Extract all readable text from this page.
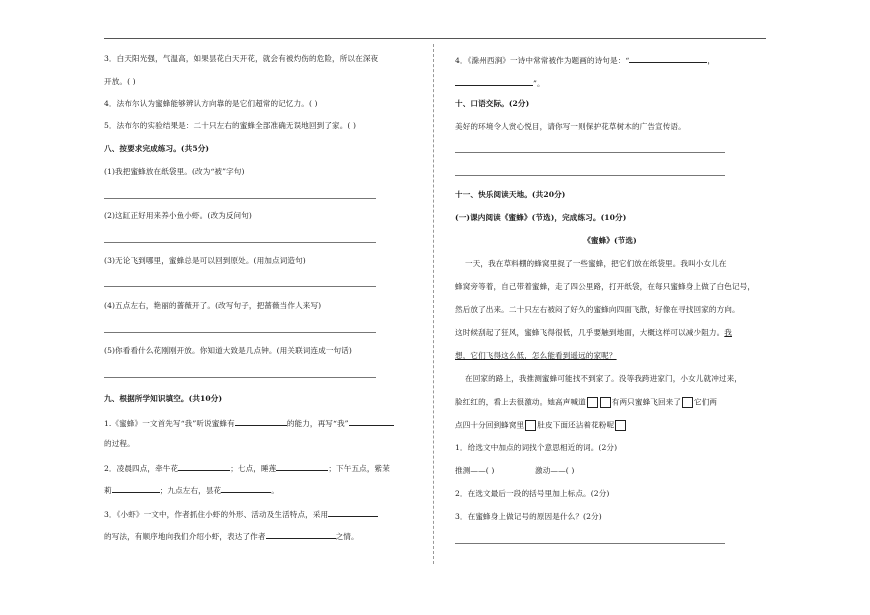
3．白天阳光强，气温高，如果昙花白天开花，就会有被灼伤的危险，所以在深夜
开放。( )
4．法布尔认为蜜蜂能够辨认方向靠的是它们超常的记忆力。( )
5．法布尔的实验结果是：二十只左右的蜜蜂全部准确无误地回到了家。( )
八、按要求完成练习。(共5分)
(1)我把蜜蜂放在纸袋里。(改为“被”字句)
(2)这缸正好用来养小鱼小虾。(改为反问句)
(3)无论飞到哪里，蜜蜂总是可以回到原处。(用加点词造句)
(4)五点左右，艳丽的蔷薇开了。(改写句子，把蔷薇当作人来写)
(5)你看看什么花刚刚开放。你知道大致是几点钟。(用关联词连成一句话)
九、根据所学知识填空。(共10分)
1.《蜜蜂》一文首先写“我”听说蜜蜂有	的能力，再写“我”
的过程。
2．凌晨四点，牵牛花	；七点，睡莲	；下午五点，紫茉
莉	；九点左右，昙花	。
3．《小虾》一文中，作者抓住小虾的外形、活动及生活特点，采用
的写法，有顺序地向我们介绍小虾，表达了作者	之情。
4．《滁州西涧》一诗中常常被作为题画的诗句是：“	，
”。
十、口语交际。(2分)
美好的环境令人赏心悦目，请你写一则保护花草树木的广告宣传语。
十一、快乐阅读天地。(共20分)
(一)课内阅读《蜜蜂》(节选)，完成练习。(10分)
《蜜蜂》(节选)
一天，我在草料棚的蜂窝里捉了一些蜜蜂，把它们放在纸袋里。我叫小女儿在
蜂窝旁等着，自己带着蜜蜂，走了四公里路，打开纸袋，在每只蜜蜂身上做了白色记号，
然后放了出来。二十只左右被闷了好久的蜜蜂向四面飞散，好像在寻找回家的方向。
这时候刮起了狂风，蜜蜂飞得很低，几乎要触到地面，大概这样可以减少阻力。我
想，它们飞得这么低，怎么能看到遥远的家呢？
在回家的路上，我推测蜜蜂可能找不到家了。没等我跨进家门，小女儿就冲过来，
脸红红的，看上去很激动。她高声喊道	有两只蜜蜂飞回来了 它们两
点四十分回到蜂窝里 肚皮下面还沾着花粉呢
1．给选文中加点的词找个意思相近的词。(2分)
推测——( )	激动——( )
2．在选文最后一段的括号里加上标点。(2分)
3．在蜜蜂身上做记号的原因是什么？(2分)
